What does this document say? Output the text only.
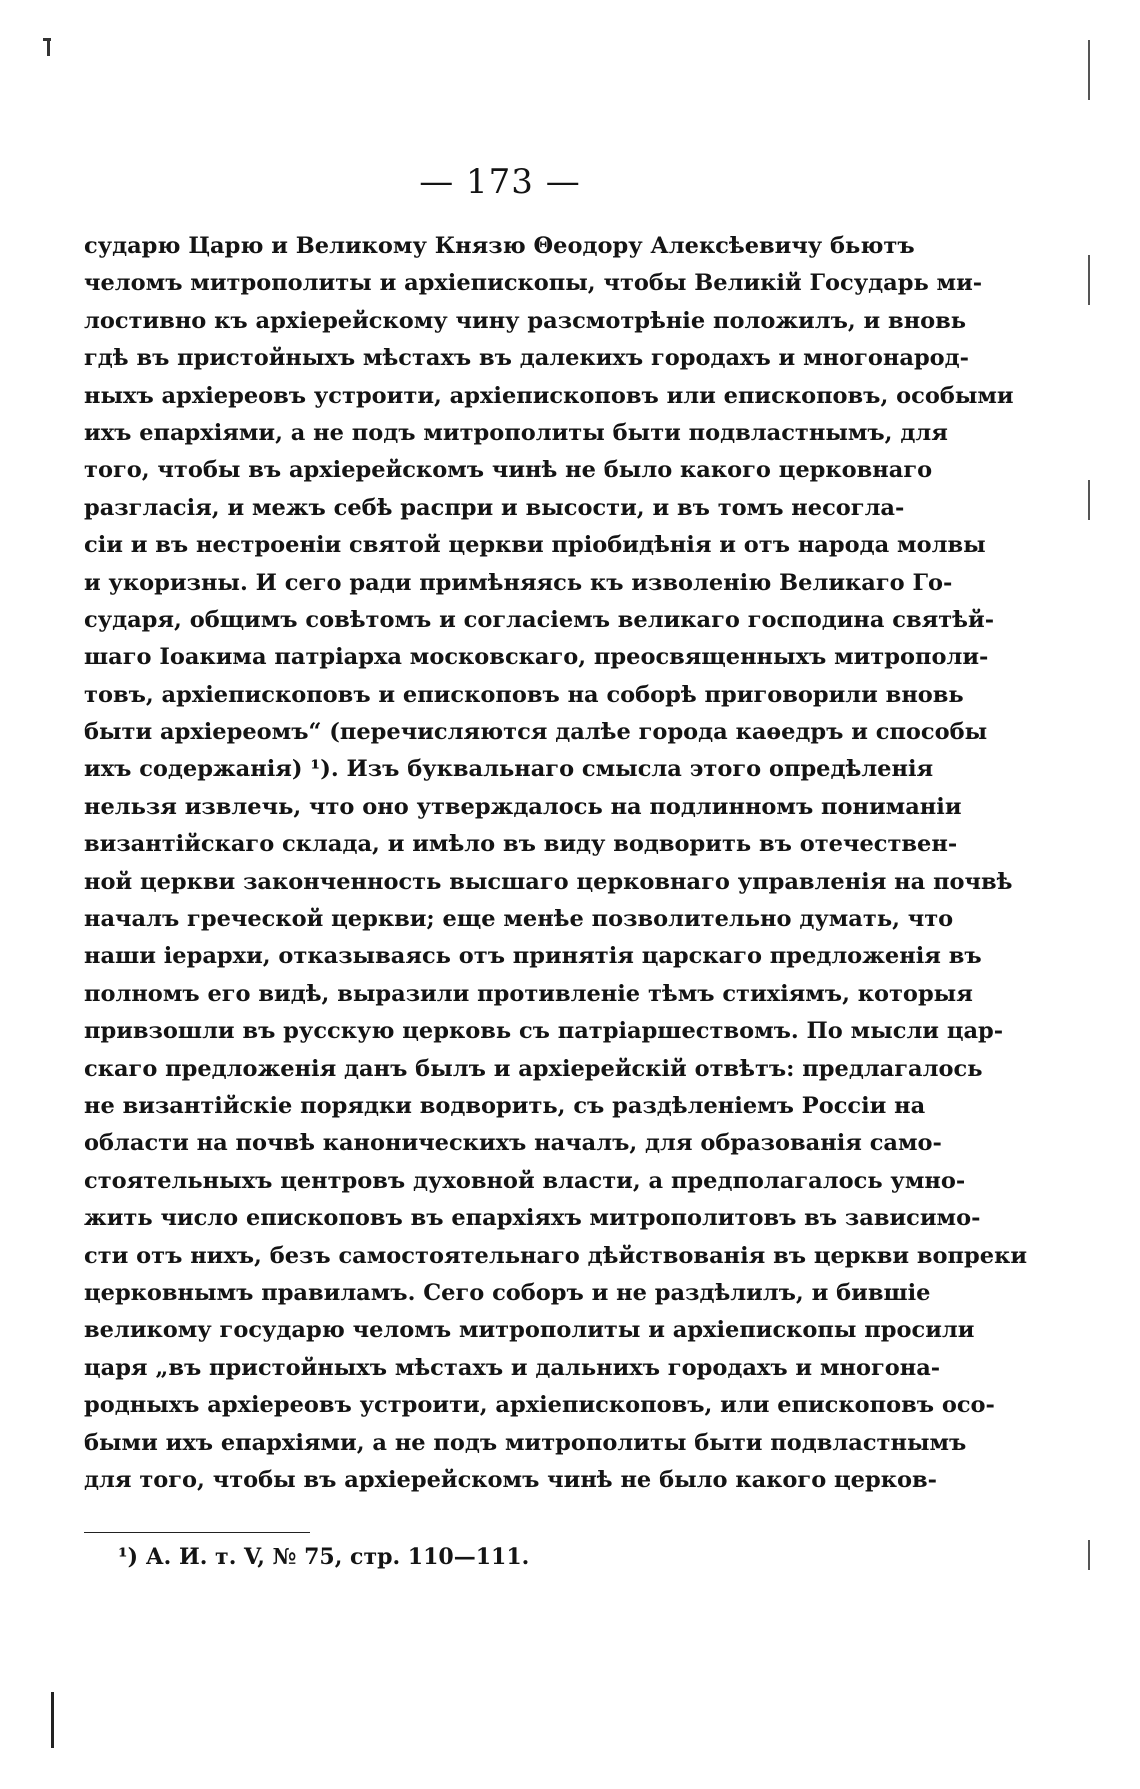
— 173 —
сударю Царю и Великому Князю Θеодору Алексѣевичу бьютъ
челомъ митрополиты и архіепископы, чтобы Великій Государь ми-
лостивно къ архіерейскому чину разсмотрѣніе положилъ, и вновь
гдѣ въ пристойныхъ мѣстахъ въ далекихъ городахъ и многонарод-
ныхъ архіереовъ устроити, архіепископовъ или епископовъ, особыми
ихъ епархіями, а не подъ митрополиты быти подвластнымъ, для
того, чтобы въ архіерейскомъ чинѣ не было какого церковнаго
разгласія, и межъ себѣ распри и высости, и въ томъ несогла-
сіи и въ нестроеніи святой церкви пріобидѣнія и отъ народа молвы
и укоризны. И сего ради примѣняясь къ изволенію Великаго Го-
сударя, общимъ совѣтомъ и согласіемъ великаго господина святѣй-
шаго Іоакима патріарха московскаго, преосвященныхъ митрополи-
товъ, архіепископовъ и епископовъ на соборѣ приговорили вновь
быти архіереомъ“ (перечисляются далѣе города каѳедръ и способы
ихъ содержанія) ¹). Изъ буквальнаго смысла этого опредѣленія
нельзя извлечь, что оно утверждалось на подлинномъ пониманіи
византійскаго склада, и имѣло въ виду водворить въ отечествен-
ной церкви законченность высшаго церковнаго управленія на почвѣ
началъ греческой церкви; еще менѣе позволительно думать, что
наши іерархи, отказываясь отъ принятія царскаго предложенія въ
полномъ его видѣ, выразили противленіе тѣмъ стихіямъ, которыя
привзошли въ русскую церковь съ патріаршествомъ. По мысли цар-
скаго предложенія данъ былъ и архіерейскій отвѣтъ: предлагалось
не византійскіе порядки водворить, съ раздѣленіемъ Россіи на
области на почвѣ каноническихъ началъ, для образованія само-
стоятельныхъ центровъ духовной власти, а предполагалось умно-
жить число епископовъ въ епархіяхъ митрополитовъ въ зависимо-
сти отъ нихъ, безъ самостоятельнаго дѣйствованія въ церкви вопреки
церковнымъ правиламъ. Сего соборъ и не раздѣлилъ, и бившіе
великому государю челомъ митрополиты и архіепископы просили
царя „въ пристойныхъ мѣстахъ и дальнихъ городахъ и многона-
родныхъ архіереовъ устроити, архіепископовъ, или епископовъ осо-
быми ихъ епархіями, а не подъ митрополиты быти подвластнымъ
для того, чтобы въ архіерейскомъ чинѣ не было какого церков-
¹) А. И. т. V, № 75, стр. 110—111.
